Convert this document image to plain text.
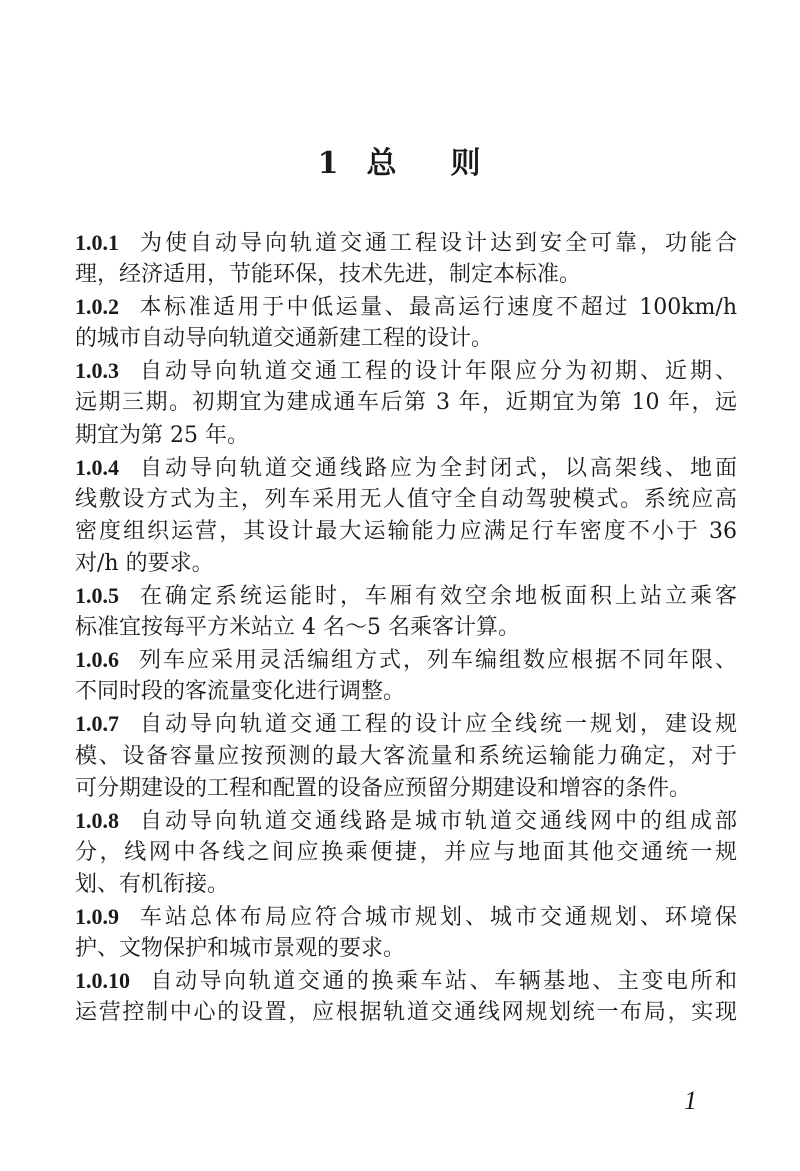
1 总 则
1.0.1 为使自动导向轨道交通工程设计达到安全可靠，功能合
理，经济适用，节能环保，技术先进，制定本标准。
1.0.2 本标准适用于中低运量、最高运行速度不超过 100km/h
的城市自动导向轨道交通新建工程的设计。
1.0.3 自动导向轨道交通工程的设计年限应分为初期、近期、
远期三期。初期宜为建成通车后第 3 年，近期宜为第 10 年，远
期宜为第 25 年。
1.0.4 自动导向轨道交通线路应为全封闭式，以高架线、地面
线敷设方式为主，列车采用无人值守全自动驾驶模式。系统应高
密度组织运营，其设计最大运输能力应满足行车密度不小于 36
对/h 的要求。
1.0.5 在确定系统运能时，车厢有效空余地板面积上站立乘客
标准宜按每平方米站立 4 名～5 名乘客计算。
1.0.6 列车应采用灵活编组方式，列车编组数应根据不同年限、
不同时段的客流量变化进行调整。
1.0.7 自动导向轨道交通工程的设计应全线统一规划，建设规
模、设备容量应按预测的最大客流量和系统运输能力确定，对于
可分期建设的工程和配置的设备应预留分期建设和增容的条件。
1.0.8 自动导向轨道交通线路是城市轨道交通线网中的组成部
分，线网中各线之间应换乘便捷，并应与地面其他交通统一规
划、有机衔接。
1.0.9 车站总体布局应符合城市规划、城市交通规划、环境保
护、文物保护和城市景观的要求。
1.0.10 自动导向轨道交通的换乘车站、车辆基地、主变电所和
运营控制中心的设置，应根据轨道交通线网规划统一布局，实现
1
